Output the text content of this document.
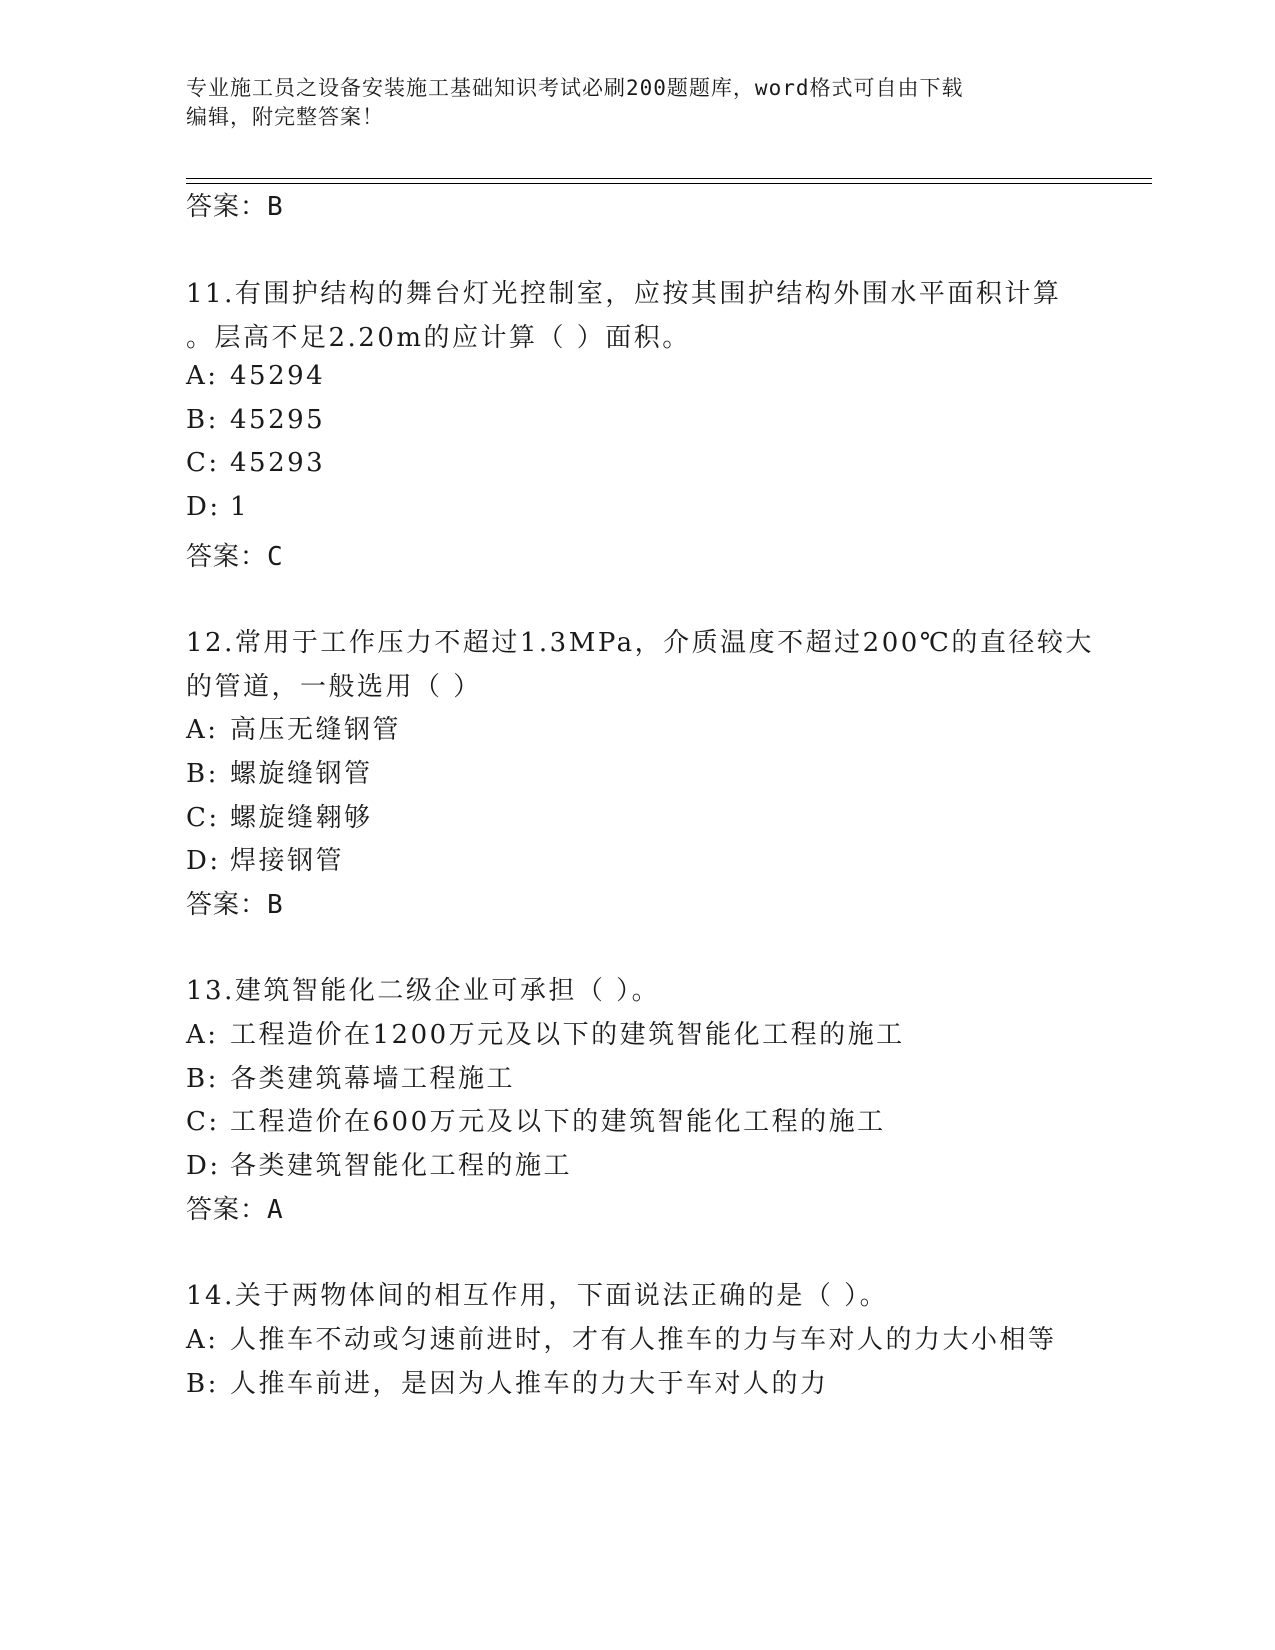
专业施工员之设备安装施工基础知识考试必刷200题题库，word格式可自由下载
编辑，附完整答案！
答案：B
11.有围护结构的舞台灯光控制室，应按其围护结构外围水平面积计算
。层高不足2.20m的应计算（ ）面积。
A: 45294
B: 45295
C: 45293
D: 1
答案：C
12.常用于工作压力不超过1.3MPa，介质温度不超过200℃的直径较大
的管道，一般选用（ ）
A: 高压无缝钢管
B: 螺旋缝钢管
C: 螺旋缝翱够
D: 焊接钢管
答案：B
13.建筑智能化二级企业可承担（ ）。
A: 工程造价在1200万元及以下的建筑智能化工程的施工
B: 各类建筑幕墙工程施工
C: 工程造价在600万元及以下的建筑智能化工程的施工
D: 各类建筑智能化工程的施工
答案：A
14.关于两物体间的相互作用，下面说法正确的是（ ）。
A: 人推车不动或匀速前进时，才有人推车的力与车对人的力大小相等
B: 人推车前进，是因为人推车的力大于车对人的力
